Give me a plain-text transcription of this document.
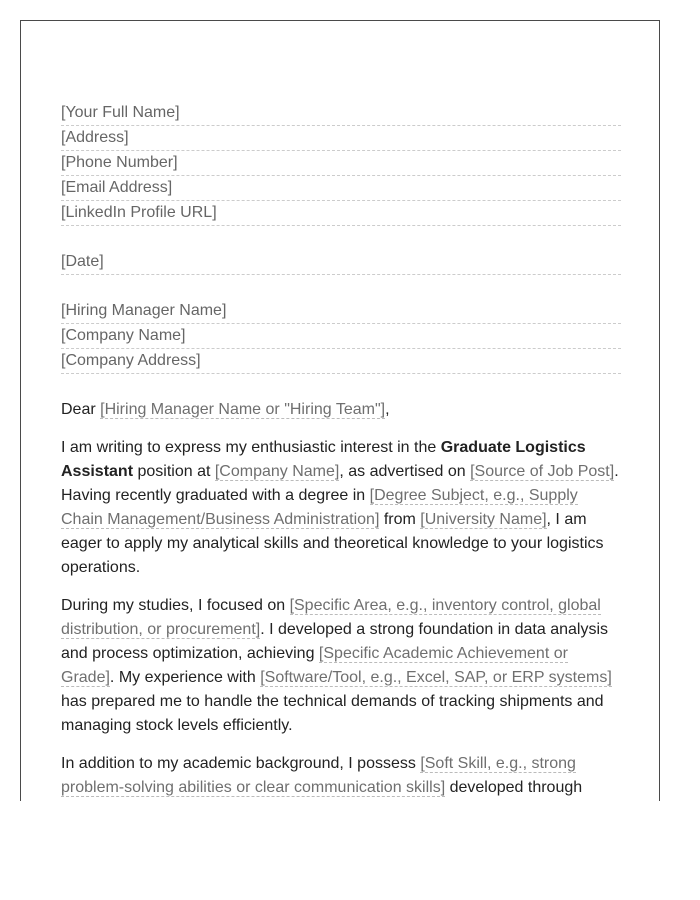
[Your Full Name]
[Address]
[Phone Number]
[Email Address]
[LinkedIn Profile URL]
[Date]
[Hiring Manager Name]
[Company Name]
[Company Address]
Dear [Hiring Manager Name or "Hiring Team"],

I am writing to express my enthusiastic interest in the Graduate Logistics Assistant position at [Company Name], as advertised on [Source of Job Post]. Having recently graduated with a degree in [Degree Subject, e.g., Supply Chain Management/Business Administration] from [University Name], I am eager to apply my analytical skills and theoretical knowledge to your logistics operations.

During my studies, I focused on [Specific Area, e.g., inventory control, global distribution, or procurement]. I developed a strong foundation in data analysis and process optimization, achieving [Specific Academic Achievement or Grade]. My experience with [Software/Tool, e.g., Excel, SAP, or ERP systems] has prepared me to handle the technical demands of tracking shipments and managing stock levels efficiently.

In addition to my academic background, I possess [Soft Skill, e.g., strong problem-solving abilities or clear communication skills] developed through
